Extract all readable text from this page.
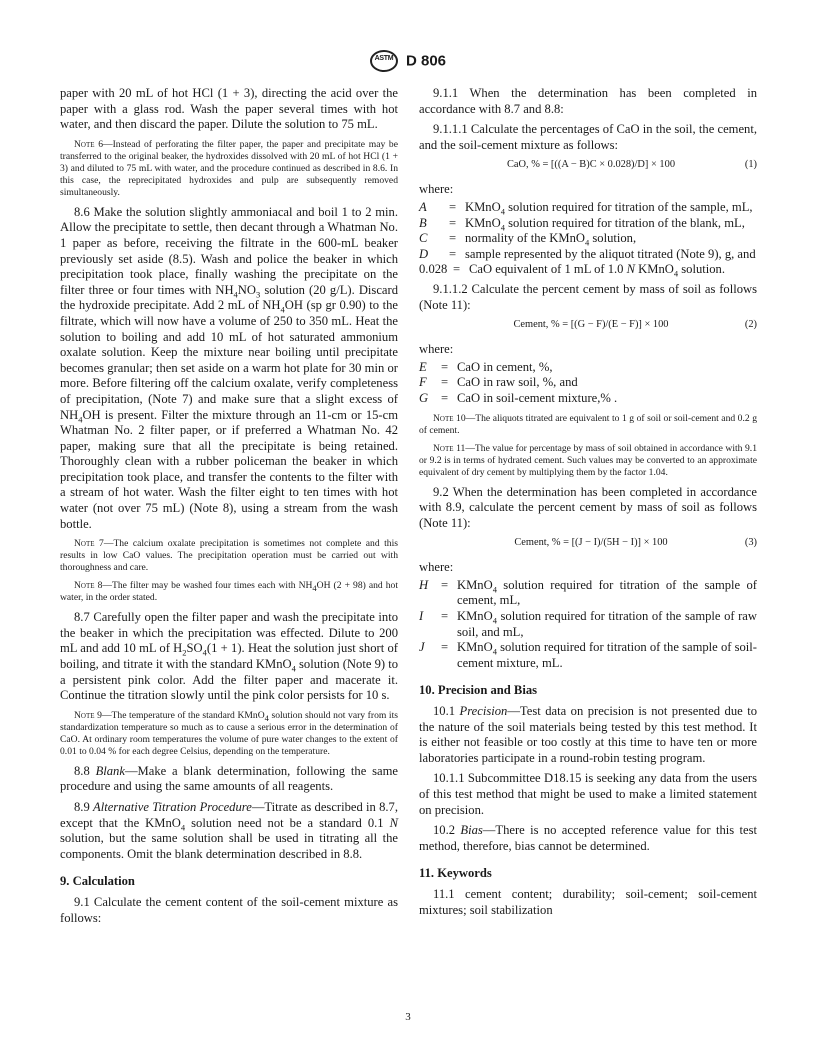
ASTM D 806

paper with 20 mL of hot HCl (1 + 3), directing the acid over the paper with a glass rod. Wash the paper several times with hot water, and then discard the paper. Dilute the solution to 75 mL.

Note 6—Instead of perforating the filter paper, the paper and precipitate may be transferred to the original beaker, the hydroxides dissolved with 20 mL of hot HCl (1 + 3) and diluted to 75 mL with water, and the procedure continued as described in 8.6. In this case, the reprecipitated hydroxides and pulp are subsequently removed simultaneously.

8.6 Make the solution slightly ammoniacal and boil 1 to 2 min. Allow the precipitate to settle, then decant through a Whatman No. 1 paper as before, receiving the filtrate in the 600-mL beaker previously set aside (8.5). Wash and police the beaker in which precipitation took place, finally washing the precipitate on the filter three or four times with $NH_4NO_3$ solution (20 g/L). Discard the hydroxide precipitate. Add 2 mL of $NH_4OH$ (sp gr 0.90) to the filtrate, which will now have a volume of 250 to 350 mL. Heat the solution to boiling and add 10 mL of hot saturated ammonium oxalate solution. Keep the mixture near boiling until precipitate becomes granular; then set aside on a warm hot plate for 30 min or more. Before filtering off the calcium oxalate, verify completeness of precipitation, (Note 7) and make sure that a slight excess of $NH_4OH$ is present. Filter the mixture through an 11-cm or 15-cm Whatman No. 2 filter paper, or if preferred a Whatman No. 42 paper, making sure that all the precipitate is being retained. Thoroughly clean with a rubber policeman the beaker in which precipitation took place, and transfer the contents to the filter with a stream of hot water. Wash the filter eight to ten times with hot water (not over 75 mL) (Note 8), using a stream from the wash bottle.

Note 7—The calcium oxalate precipitation is sometimes not complete and this results in low CaO values. The precipitation operation must be carried out with thoroughness and care.
Note 8—The filter may be washed four times each with $NH_4OH$ (2 + 98) and hot water, in the order stated.

8.7 Carefully open the filter paper and wash the precipitate into the beaker in which the precipitation was effected. Dilute to 200 mL and add 10 mL of $H_2SO_4(1 + 1)$. Heat the solution just short of boiling, and titrate it with the standard KMnO$_4$ solution (Note 9) to a persistent pink color. Add the filter paper and macerate it. Continue the titration slowly until the pink color persists for 10 s.

Note 9—The temperature of the standard KMnO$_4$ solution should not vary from its standardization temperature so much as to cause a serious error in the determination of CaO. At ordinary room temperatures the volume of pure water changes to the extent of 0.01 to 0.04 % for each degree Celsius, depending on the temperature.

8.8 Blank—Make a blank determination, following the same procedure and using the same amounts of all reagents.

8.9 Alternative Titration Procedure—Titrate as described in 8.7, except that the KMnO$_4$ solution need not be a standard 0.1 N solution, but the same solution shall be used in titrating all the components. Omit the blank determination described in 8.8.

9. Calculation

9.1 Calculate the cement content of the soil-cement mixture as follows:

9.1.1 When the determination has been completed in accordance with 8.7 and 8.8:

9.1.1.1 Calculate the percentages of CaO in the soil, the cement, and the soil-cement mixture as follows:

CaO, % = [((A − B)C × 0.028)/D] × 100	(1)
where:
A	= KMnO$_4$ solution required for titration of the sample, mL,
B	= KMnO$_4$ solution required for titration of the blank, mL,
C	= normality of the KMnO$_4$ solution,
D	= sample represented by the aliquot titrated (Note 9), g, and
0.028 = CaO equivalent of 1 mL of 1.0 N KMnO$_4$ solution.

9.1.1.2 Calculate the percent cement by mass of soil as follows (Note 11):

Cement, % = [(G − F)/(E − F)] × 100	(2)
where:
E	= CaO in cement, %,
F	= CaO in raw soil, %, and
G	= CaO in soil-cement mixture,% .
Note 10—The aliquots titrated are equivalent to 1 g of soil or soil-cement and 0.2 g of cement.
Note 11—The value for percentage by mass of soil obtained in accordance with 9.1 or 9.2 is in terms of hydrated cement. Such values may be converted to an approximate equivalent of dry cement by multiplying them by the factor 1.04.

9.2 When the determination has been completed in accordance with 8.9, calculate the percent cement by mass of soil as follows (Note 11):

Cement, % = [(J − I)/(5H − I)] × 100	(3)
where:
H	= KMnO$_4$ solution required for titration of the sample of cement, mL,
I	= KMnO$_4$ solution required for titration of the sample of raw soil, and mL,
J	= KMnO$_4$ solution required for titration of the sample of soil-cement mixture, mL.
10. Precision and Bias

10.1 Precision—Test data on precision is not presented due to the nature of the soil materials being tested by this test method. It is either not feasible or too costly at this time to have ten or more laboratories participate in a round-robin testing program.

10.1.1 Subcommittee D18.15 is seeking any data from the users of this test method that might be used to make a limited statement on precision.

10.2 Bias—There is no accepted reference value for this test method, therefore, bias cannot be determined.

11. Keywords

11.1 cement content; durability; soil-cement; soil-cement mixtures; soil stabilization

3
